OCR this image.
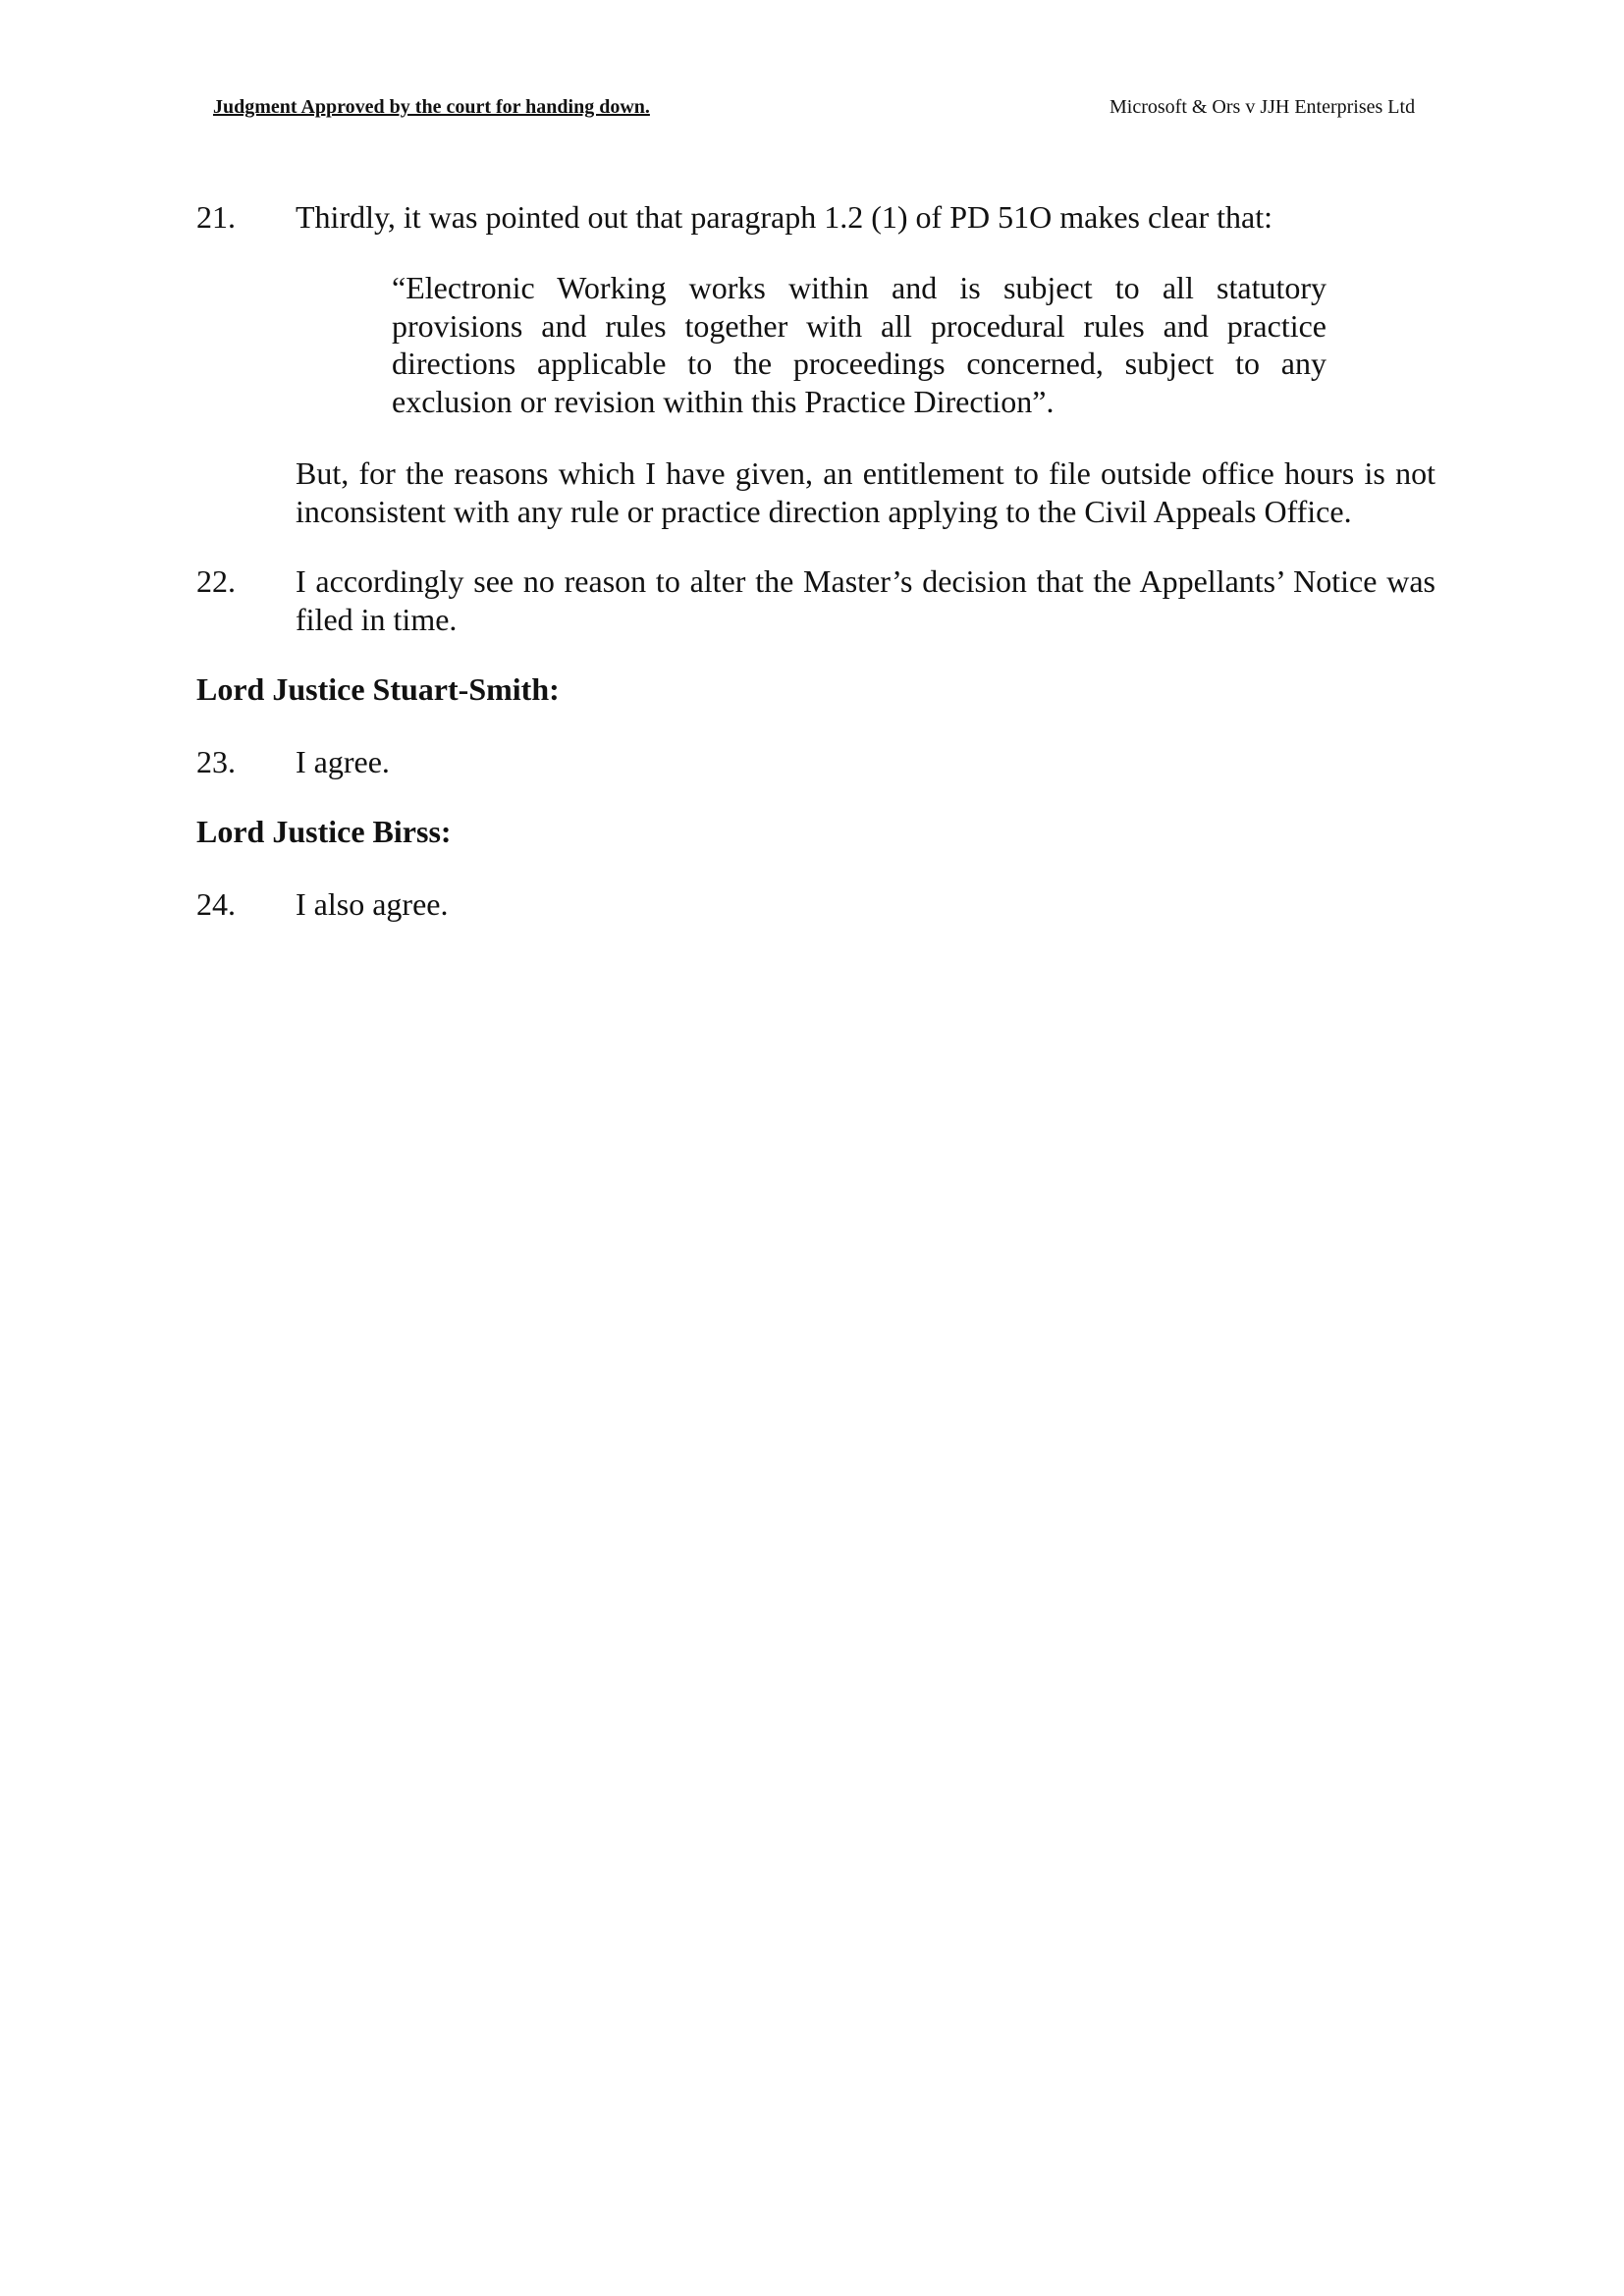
Judgment Approved by the court for handing down.	Microsoft & Ors v JJH Enterprises Ltd
21. Thirdly, it was pointed out that paragraph 1.2 (1) of PD 51O makes clear that:
“Electronic Working works within and is subject to all statutory provisions and rules together with all procedural rules and practice directions applicable to the proceedings concerned, subject to any exclusion or revision within this Practice Direction”.
But, for the reasons which I have given, an entitlement to file outside office hours is not inconsistent with any rule or practice direction applying to the Civil Appeals Office.
22. I accordingly see no reason to alter the Master’s decision that the Appellants’ Notice was filed in time.
Lord Justice Stuart-Smith:
23. I agree.
Lord Justice Birss:
24. I also agree.
